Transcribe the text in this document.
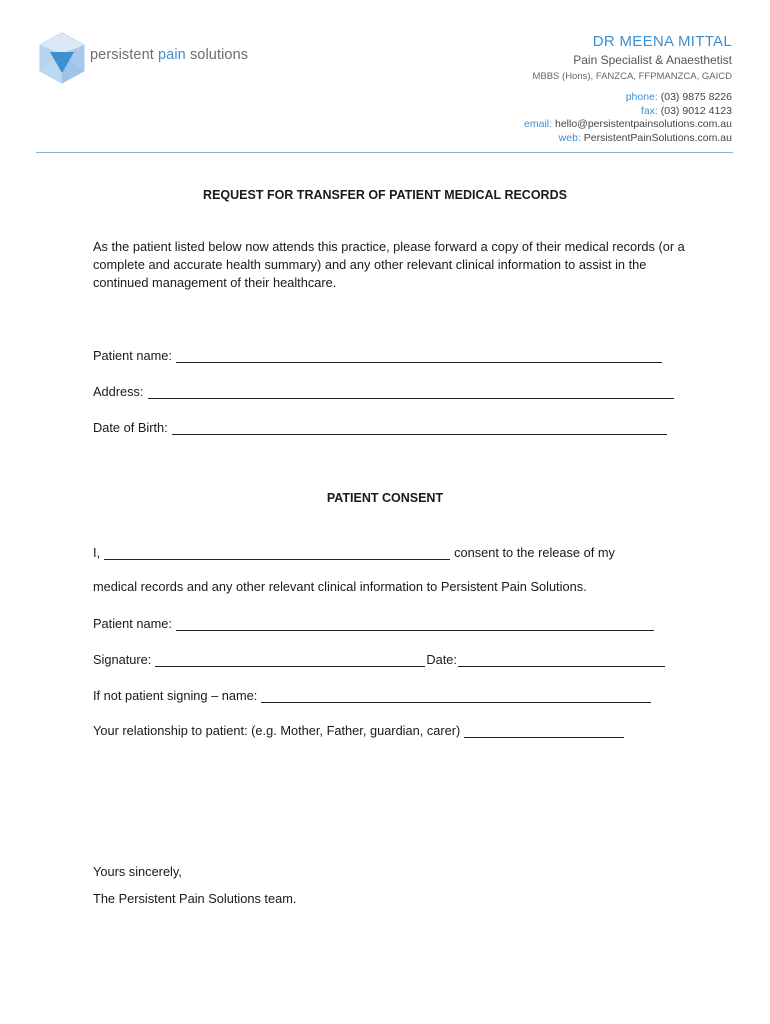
persistent pain solutions
DR MEENA MITTAL
Pain Specialist & Anaesthetist
MBBS (Hons), FANZCA, FFPMANZCA, GAICD
phone: (03) 9875 8226
fax: (03) 9012 4123
email: hello@persistentpainsolutions.com.au
web: PersistentPainSolutions.com.au
REQUEST FOR TRANSFER OF PATIENT MEDICAL RECORDS
As the patient listed below now attends this practice, please forward a copy of their medical records (or a complete and accurate health summary) and any other relevant clinical information to assist in the continued management of their healthcare.
Patient name:
Address:
Date of Birth:
PATIENT CONSENT
I,	consent to the release of my
medical records and any other relevant clinical information to Persistent Pain Solutions.
Patient name:
Signature:	Date:
If not patient signing – name:
Your relationship to patient: (e.g. Mother, Father, guardian, carer)
Yours sincerely,
The Persistent Pain Solutions team.
